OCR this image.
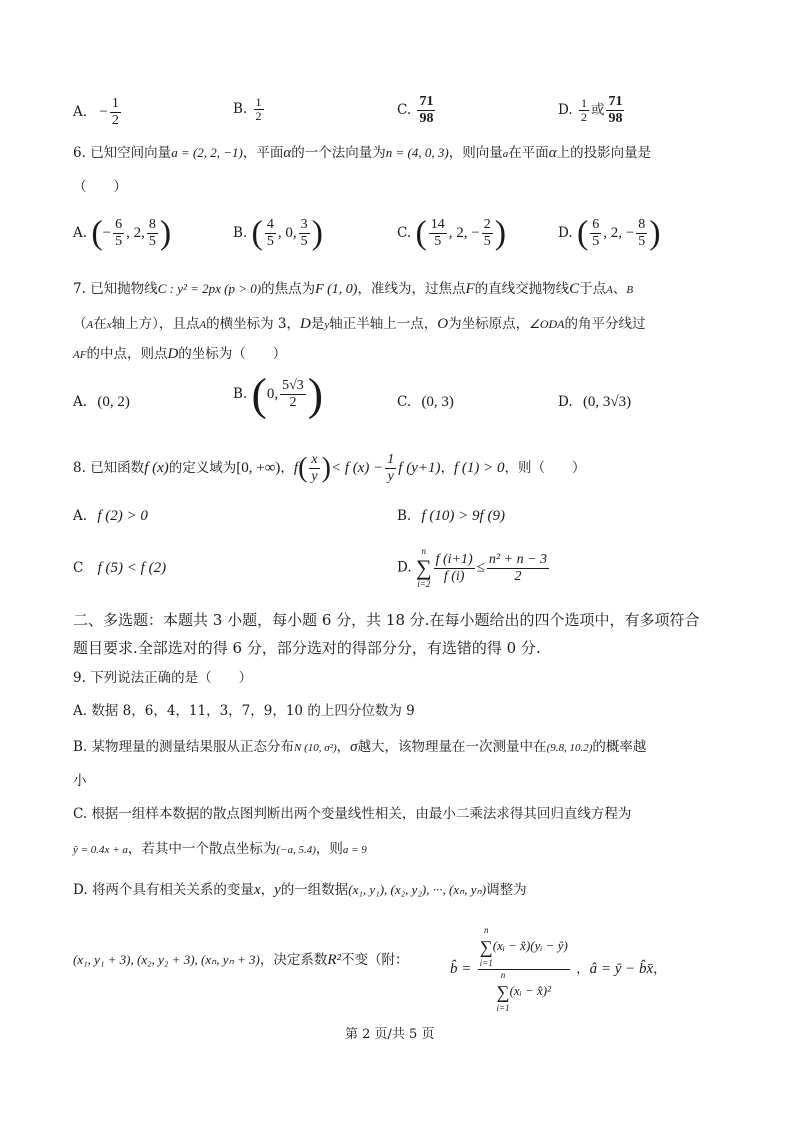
A. − $\frac{1}{2}$	B. $\frac{1}{2}$	C. $\frac{71}{98}$	D. $\frac{1}{2}$ 或 $\frac{71}{98}$
6. 已知空间向量a = (2, 2, −1)，平面α的一个法向量为n = (4, 0, 3)，则向量a在平面α上的投影向量是
（　　）
A. (− $\frac{6}{5}$ , 2, $\frac{8}{5}$ )	B. ( $\frac{4}{5}$ , 0, $\frac{3}{5}$ )	C. ( $\frac{14}{5}$ , 2, − $\frac{2}{5}$ )	D. ( $\frac{6}{5}$ , 2, − $\frac{8}{5}$ )
7. 已知抛物线C : y² = 2px (p > 0)的焦点为F (1, 0)，准线为，过焦点F的直线交抛物线C于点A、B
（A在x轴上方），且点A的横坐标为 3，D是y轴正半轴上一点，O为坐标原点，∠ODA的角平分线过
AF的中点，则点D的坐标为（　　）
A. (0, 2)	B. (0, $\frac{5√3}{2}$ )	C. (0, 3)	D. (0, 3√3)
8. 已知函数f (x)的定义域为[0, +∞)，$f( \frac{x}{y}$ )< f $(x) - \frac{1}{y}$ f (y+1)，f (1) > 0，则（　　）
A. f (2) > 0	B. f (10) > 9f (9)
C f (5) < f (2)	D.
n
∑
$i=2 \frac{f (i+1)}{f (i)} \le \frac{\text{n² + n − 3}}{2}$
二、多选题：本题共 3 小题，每小题 6 分，共 18 分.在每小题给出的四个选项中，有多项符合
题目要求.全部选对的得 6 分，部分选对的得部分分，有选错的得 0 分.
9. 下列说法正确的是（　　）
A. 数据 8，6，4，11，3，7，9，10 的上四分位数为 9
B. 某物理量的测量结果服从正态分布N (10, σ²)，σ越大，该物理量在一次测量中在(9.8, 10.2)的概率越
小
C. 根据一组样本数据的散点图判断出两个变量线性相关，由最小二乘法求得其回归直线方程为
ŷ = 0.4x + a，若其中一个散点坐标为(−a, 5.4)，则a = 9
D. 将两个具有相关关系的变量x，y的一组数据(x₁, y₁), (x₂, y₂), ···, (xₙ, yₙ)调整为
(x₁, y₁ + 3), (x₂, y₂ + 3), (xₙ, yₙ + 3)，决定系数R²不变（附：
b̂ = n
∑
i=1
(xᵢ − x̂)(yᵢ − ŷ)
n
∑
i=1
(xᵢ − x̂)² ，â = ȳ − b̂x̄，
第 2 页/共 5 页
